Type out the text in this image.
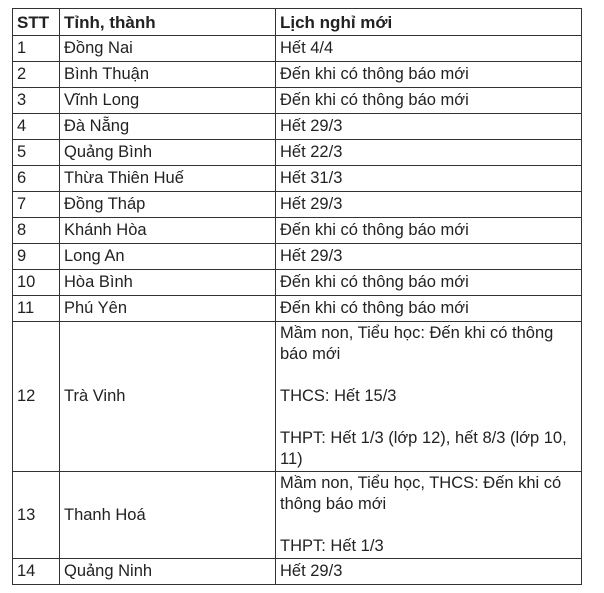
STT	Tỉnh, thành	Lịch nghỉ mới
1	Đồng Nai	Hết 4/4
2	Bình Thuận	Đến khi có thông báo mới
3	Vĩnh Long	Đến khi có thông báo mới
4	Đà Nẵng	Hết 29/3
5	Quảng Bình	Hết 22/3
6	Thừa Thiên Huế	Hết 31/3
7	Đồng Tháp	Hết 29/3
8	Khánh Hòa	Đến khi có thông báo mới
9	Long An	Hết 29/3
10	Hòa Bình	Đến khi có thông báo mới
11	Phú Yên	Đến khi có thông báo mới
12	Trà Vinh	Mầm non, Tiểu học: Đến khi có thông báo mới
THCS: Hết 15/3
THPT: Hết 1/3 (lớp 12), hết 8/3 (lớp 10, 11)

13	Thanh Hoá	Mầm non, Tiểu học, THCS: Đến khi có thông báo mới
THPT: Hết 1/3

14	Quảng Ninh	Hết 29/3
